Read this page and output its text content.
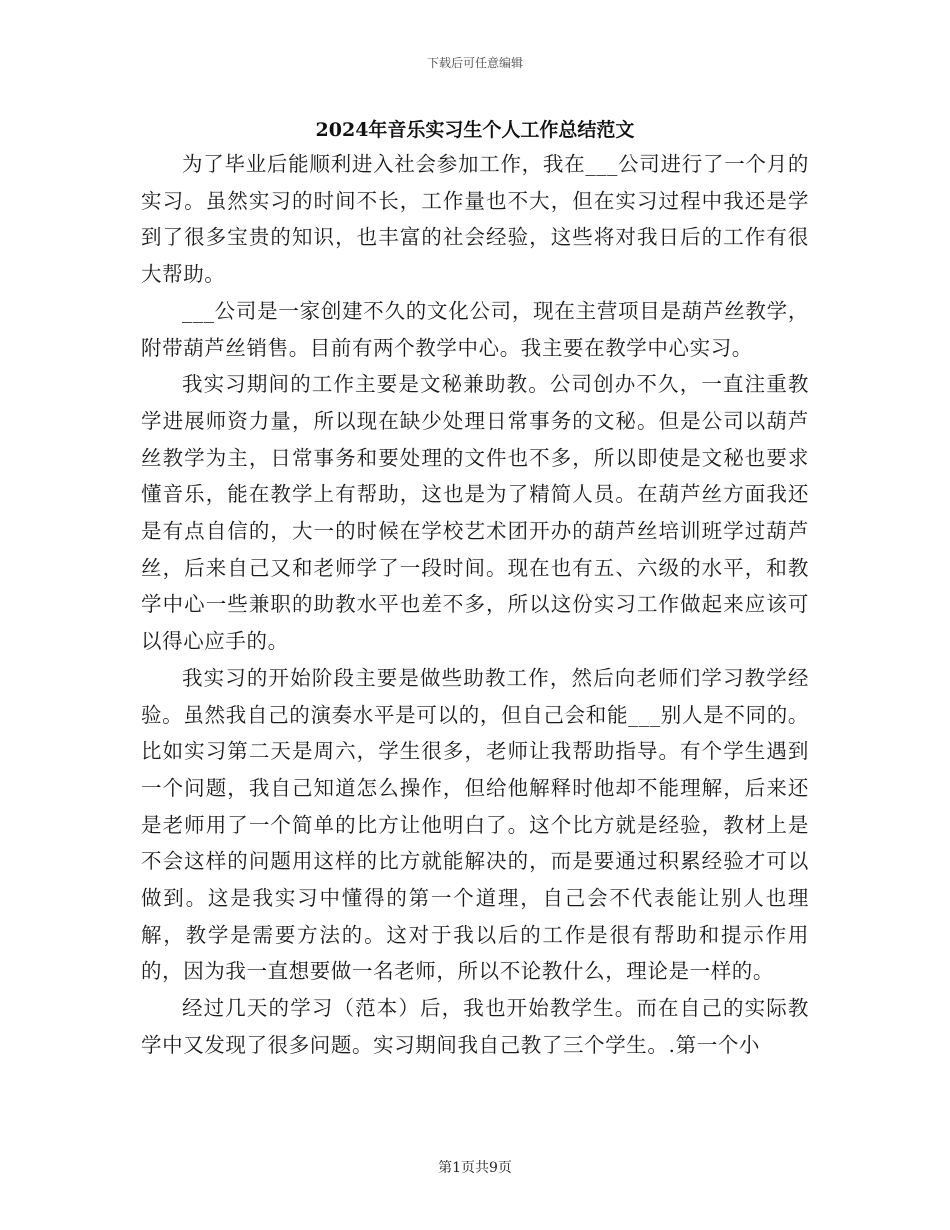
下载后可任意编辑
2024年音乐实习生个人工作总结范文

为了毕业后能顺利进入社会参加工作，我在___公司进行了一个月的实习。虽然实习的时间不长，工作量也不大，但在实习过程中我还是学到了很多宝贵的知识，也丰富的社会经验，这些将对我日后的工作有很大帮助。

___公司是一家创建不久的文化公司，现在主营项目是葫芦丝教学，附带葫芦丝销售。目前有两个教学中心。我主要在教学中心实习。

我实习期间的工作主要是文秘兼助教。公司创办不久，一直注重教学进展师资力量，所以现在缺少处理日常事务的文秘。但是公司以葫芦丝教学为主，日常事务和要处理的文件也不多，所以即使是文秘也要求懂音乐，能在教学上有帮助，这也是为了精简人员。在葫芦丝方面我还是有点自信的，大一的时候在学校艺术团开办的葫芦丝培训班学过葫芦丝，后来自己又和老师学了一段时间。现在也有五、六级的水平，和教学中心一些兼职的助教水平也差不多，所以这份实习工作做起来应该可以得心应手的。

我实习的开始阶段主要是做些助教工作，然后向老师们学习教学经验。虽然我自己的演奏水平是可以的，但自己会和能___别人是不同的。比如实习第二天是周六，学生很多，老师让我帮助指导。有个学生遇到一个问题，我自己知道怎么操作，但给他解释时他却不能理解，后来还是老师用了一个简单的比方让他明白了。这个比方就是经验，教材上是不会这样的问题用这样的比方就能解决的，而是要通过积累经验才可以做到。这是我实习中懂得的第一个道理，自己会不代表能让别人也理解，教学是需要方法的。这对于我以后的工作是很有帮助和提示作用的，因为我一直想要做一名老师，所以不论教什么，理论是一样的。

经过几天的学习（范本）后，我也开始教学生。而在自己的实际教学中又发现了很多问题。实习期间我自己教了三个学生。.第一个小

第1页共9页
